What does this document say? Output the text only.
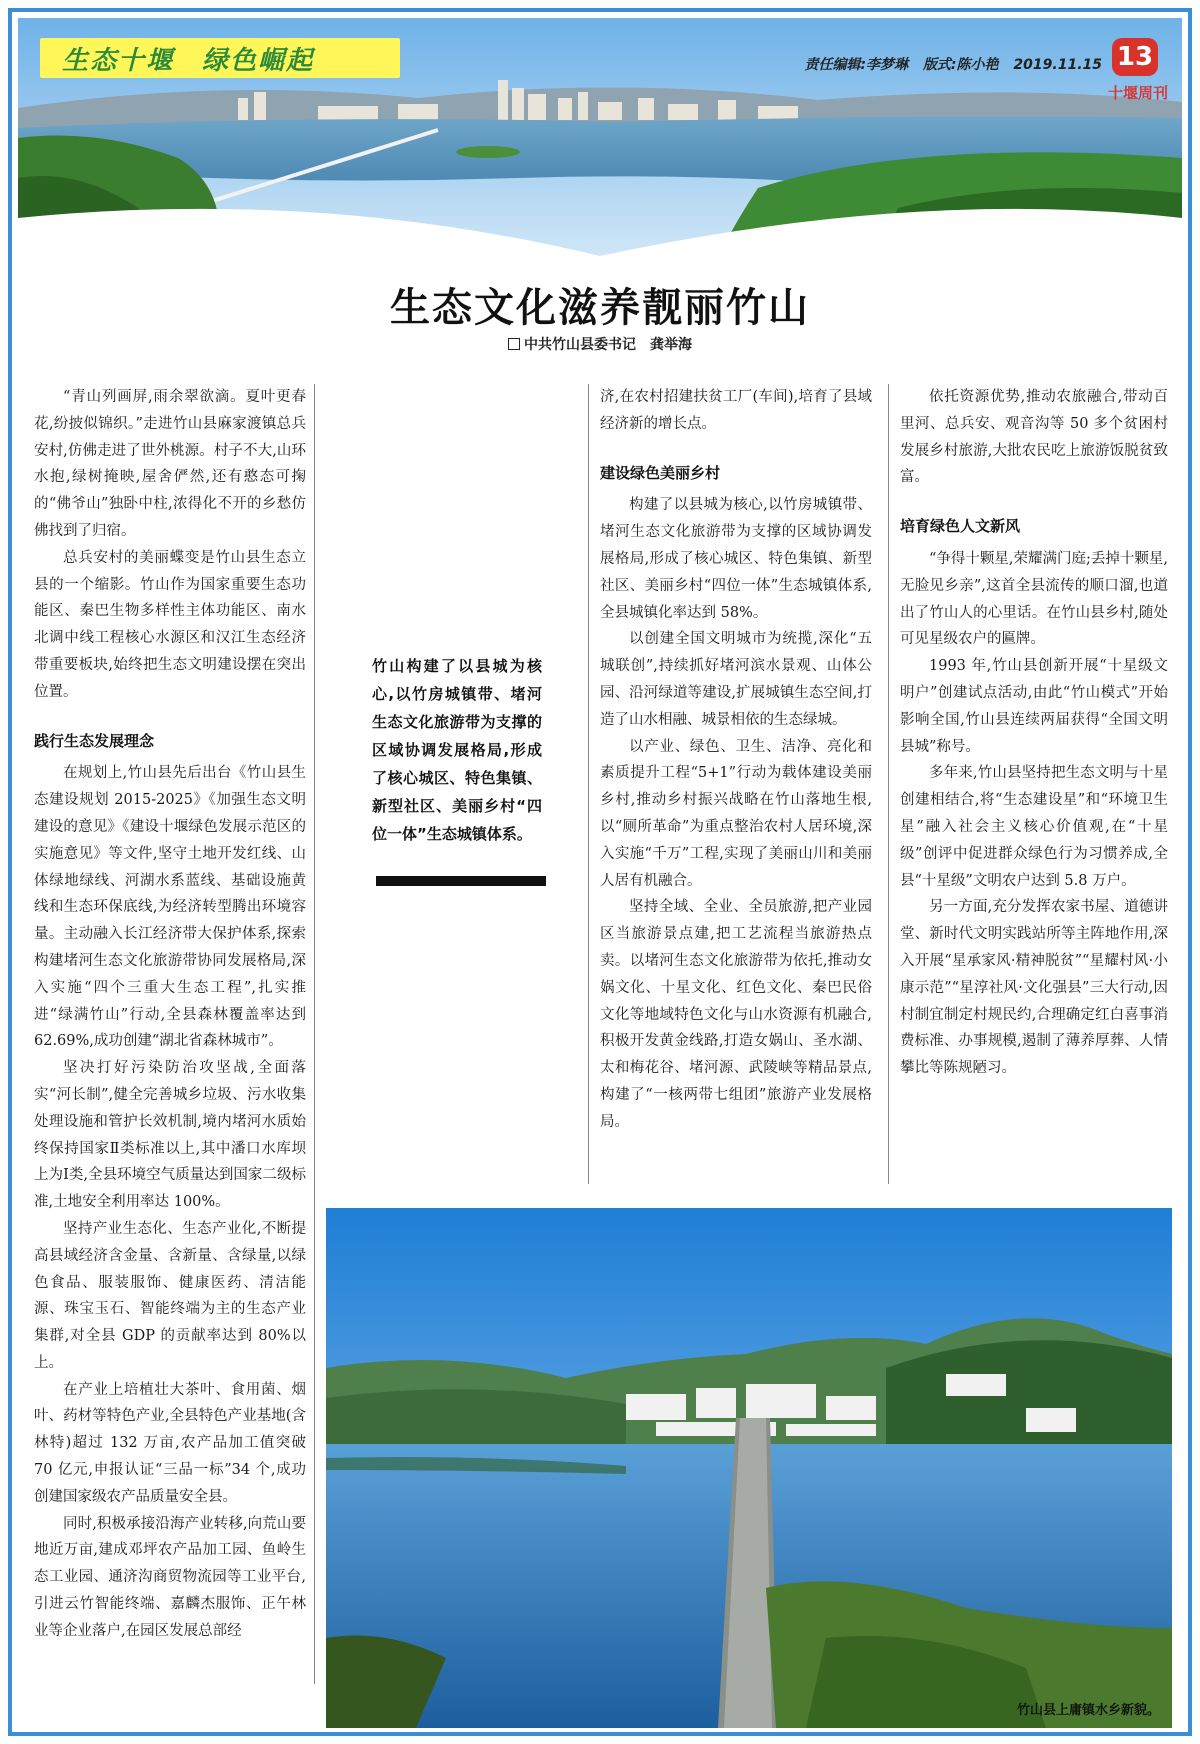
生态十堰　绿色崛起	责任编辑:李梦琳 版式:陈小艳 2019.11.15 13
十堰周刊
生态文化滋养靓丽竹山
中共竹山县委书记　龚举海

“青山列画屏,雨余翠欲滴。夏叶更春花,纷披似锦织。”走进竹山县麻家渡镇总兵安村,仿佛走进了世外桃源。村子不大,山环水抱,绿树掩映,屋舍俨然,还有憨态可掬的“佛爷山”独卧中柱,浓得化不开的乡愁仿佛找到了归宿。

总兵安村的美丽蝶变是竹山县生态立县的一个缩影。竹山作为国家重要生态功能区、秦巴生物多样性主体功能区、南水北调中线工程核心水源区和汉江生态经济带重要板块,始终把生态文明建设摆在突出位置。

践行生态发展理念

在规划上,竹山县先后出台《竹山县生态建设规划 2015-2025》《加强生态文明建设的意见》《建设十堰绿色发展示范区的实施意见》等文件,坚守土地开发红线、山体绿地绿线、河湖水系蓝线、基础设施黄线和生态环保底线,为经济转型腾出环境容量。主动融入长江经济带大保护体系,探索构建堵河生态文化旅游带协同发展格局,深入实施“四个三重大生态工程”,扎实推进“绿满竹山”行动,全县森林覆盖率达到 62.69%,成功创建“湖北省森林城市”。

坚决打好污染防治攻坚战,全面落实“河长制”,健全完善城乡垃圾、污水收集处理设施和管护长效机制,境内堵河水质始终保持国家Ⅱ类标准以上,其中潘口水库坝上为Ⅰ类,全县环境空气质量达到国家二级标准,土地安全利用率达 100%。

坚持产业生态化、生态产业化,不断提高县域经济含金量、含新量、含绿量,以绿色食品、服装服饰、健康医药、清洁能源、珠宝玉石、智能终端为主的生态产业集群,对全县 GDP 的贡献率达到 80%以上。

在产业上培植壮大茶叶、食用菌、烟叶、药材等特色产业,全县特色产业基地(含林特)超过 132 万亩,农产品加工值突破 70 亿元,申报认证“三品一标”34 个,成功创建国家级农产品质量安全县。

同时,积极承接沿海产业转移,向荒山要地近万亩,建成邓坪农产品加工园、鱼岭生态工业园、通济沟商贸物流园等工业平台,引进云竹智能终端、嘉麟杰服饰、正午林业等企业落户,在园区发展总部经

竹山构建了以县城为核心,以竹房城镇带、堵河生态文化旅游带为支撑的区域协调发展格局,形成了核心城区、特色集镇、新型社区、美丽乡村“四位一体”生态城镇体系。

济,在农村招建扶贫工厂(车间),培育了县域经济新的增长点。

建设绿色美丽乡村

构建了以县城为核心,以竹房城镇带、堵河生态文化旅游带为支撑的区域协调发展格局,形成了核心城区、特色集镇、新型社区、美丽乡村“四位一体”生态城镇体系,全县城镇化率达到 58%。

以创建全国文明城市为统揽,深化“五城联创”,持续抓好堵河滨水景观、山体公园、沿河绿道等建设,扩展城镇生态空间,打造了山水相融、城景相依的生态绿城。

以产业、绿色、卫生、洁净、亮化和素质提升工程“5+1”行动为载体建设美丽乡村,推动乡村振兴战略在竹山落地生根,以“厕所革命”为重点整治农村人居环境,深入实施“千万”工程,实现了美丽山川和美丽人居有机融合。

坚持全域、全业、全员旅游,把产业园区当旅游景点建,把工艺流程当旅游热点卖。以堵河生态文化旅游带为依托,推动女娲文化、十星文化、红色文化、秦巴民俗文化等地域特色文化与山水资源有机融合,积极开发黄金线路,打造女娲山、圣水湖、太和梅花谷、堵河源、武陵峡等精品景点,构建了“一核两带七组团”旅游产业发展格局。

依托资源优势,推动农旅融合,带动百里河、总兵安、观音沟等 50 多个贫困村发展乡村旅游,大批农民吃上旅游饭脱贫致富。

培育绿色人文新风

“争得十颗星,荣耀满门庭;丢掉十颗星,无脸见乡亲”,这首全县流传的顺口溜,也道出了竹山人的心里话。在竹山县乡村,随处可见星级农户的匾牌。

1993 年,竹山县创新开展“十星级文明户”创建试点活动,由此“竹山模式”开始影响全国,竹山县连续两届获得“全国文明县城”称号。

多年来,竹山县坚持把生态文明与十星创建相结合,将“生态建设星”和“环境卫生星”融入社会主义核心价值观,在“十星级”创评中促进群众绿色行为习惯养成,全县“十星级”文明农户达到 5.8 万户。

另一方面,充分发挥农家书屋、道德讲堂、新时代文明实践站所等主阵地作用,深入开展“星承家风·精神脱贫”“星耀村风·小康示范”“星淳社风·文化强县”三大行动,因村制宜制定村规民约,合理确定红白喜事消费标准、办事规模,遏制了薄养厚葬、人情攀比等陈规陋习。

竹山县上庸镇水乡新貌。
